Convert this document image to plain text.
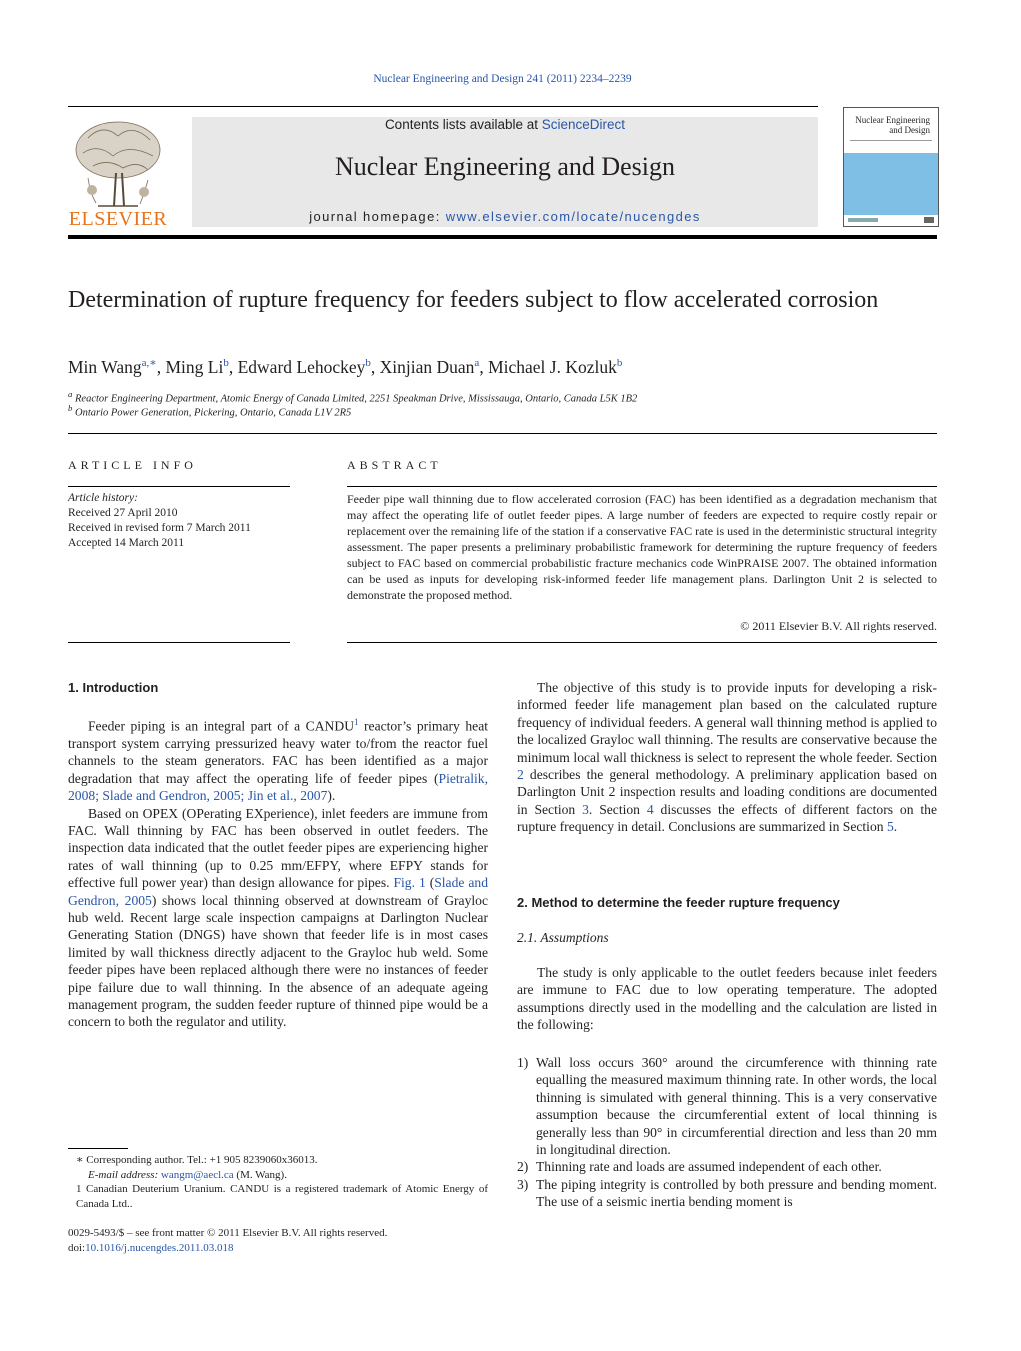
Nuclear Engineering and Design 241 (2011) 2234–2239
ELSEVIER
Contents lists available at ScienceDirect
Nuclear Engineering and Design
journal homepage: www.elsevier.com/locate/nucengdes
Nuclear Engineering
and Design
Determination of rupture frequency for feeders subject to flow accelerated corrosion
Min Wang$^{a,∗}$, Ming Li$^b$, Edward Lehockey$^b$, Xinjian Duan$^a$, Michael J. Kozluk$^b$
$^a$ Reactor Engineering Department, Atomic Energy of Canada Limited, 2251 Speakman Drive, Mississauga, Ontario, Canada L5K 1B2
$^b$ Ontario Power Generation, Pickering, Ontario, Canada L1V 2R5
ARTICLE INFO
Article history:
Received 27 April 2010
Received in revised form 7 March 2011
Accepted 14 March 2011
ABSTRACT
Feeder pipe wall thinning due to flow accelerated corrosion (FAC) has been identified as a degradation mechanism that may affect the operating life of outlet feeder pipes. A large number of feeders are expected to require costly repair or replacement over the remaining life of the station if a conservative FAC rate is used in the deterministic structural integrity assessment. The paper presents a preliminary probabilistic framework for determining the rupture frequency of feeders subject to FAC based on commercial probabilistic fracture mechanics code WinPRAISE 2007. The obtained information can be used as inputs for developing risk-informed feeder life management plans. Darlington Unit 2 is selected to demonstrate the proposed method.
© 2011 Elsevier B.V. All rights reserved.
1. Introduction

Feeder piping is an integral part of a CANDU$^1$ reactor’s primary heat transport system carrying pressurized heavy water to/from the reactor fuel channels to the steam generators. FAC has been identified as a major degradation that may affect the operating life of feeder pipes (Pietralik, 2008; Slade and Gendron, 2005; Jin et al., 2007).

Based on OPEX (OPerating EXperience), inlet feeders are immune from FAC. Wall thinning by FAC has been observed in outlet feeders. The inspection data indicated that the outlet feeder pipes are experiencing higher rates of wall thinning (up to 0.25 mm/EFPY, where EFPY stands for effective full power year) than design allowance for pipes. Fig. 1 (Slade and Gendron, 2005) shows local thinning observed at downstream of Grayloc hub weld. Recent large scale inspection campaigns at Darlington Nuclear Generating Station (DNGS) have shown that feeder life is in most cases limited by wall thickness directly adjacent to the Grayloc hub weld. Some feeder pipes have been replaced although there were no instances of feeder pipe failure due to wall thinning. In the absence of an adequate ageing management program, the sudden feeder rupture of thinned pipe would be a concern to both the regulator and utility.

∗ Corresponding author. Tel.: +1 905 8239060x36013.
E-mail address: wangm@aecl.ca (M. Wang).
1 Canadian Deuterium Uranium. CANDU is a registered trademark of Atomic Energy of Canada Ltd..
0029-5493/$ – see front matter © 2011 Elsevier B.V. All rights reserved.
doi:10.1016/j.nucengdes.2011.03.018

The objective of this study is to provide inputs for developing a risk-informed feeder life management plan based on the calculated rupture frequency of individual feeders. A general wall thinning method is applied to the localized Grayloc wall thinning. The results are conservative because the minimum local wall thickness is select to represent the whole feeder. Section 2 describes the general methodology. A preliminary application based on Darlington Unit 2 inspection results and loading conditions are documented in Section 3. Section 4 discusses the effects of different factors on the rupture frequency in detail. Conclusions are summarized in Section 5.

2. Method to determine the feeder rupture frequency
2.1. Assumptions

The study is only applicable to the outlet feeders because inlet feeders are immune to FAC due to low operating temperature. The adopted assumptions directly used in the modelling and the calculation are listed in the following:

1) Wall loss occurs 360° around the circumference with thinning rate equalling the measured maximum thinning rate. In other words, the local thinning is simulated with general thinning. This is a very conservative assumption because the circumferential extent of local thinning is generally less than 90° in circumferential direction and less than 20 mm in longitudinal direction.
2) Thinning rate and loads are assumed independent of each other.
3) The piping integrity is controlled by both pressure and bending moment. The use of a seismic inertia bending moment is
